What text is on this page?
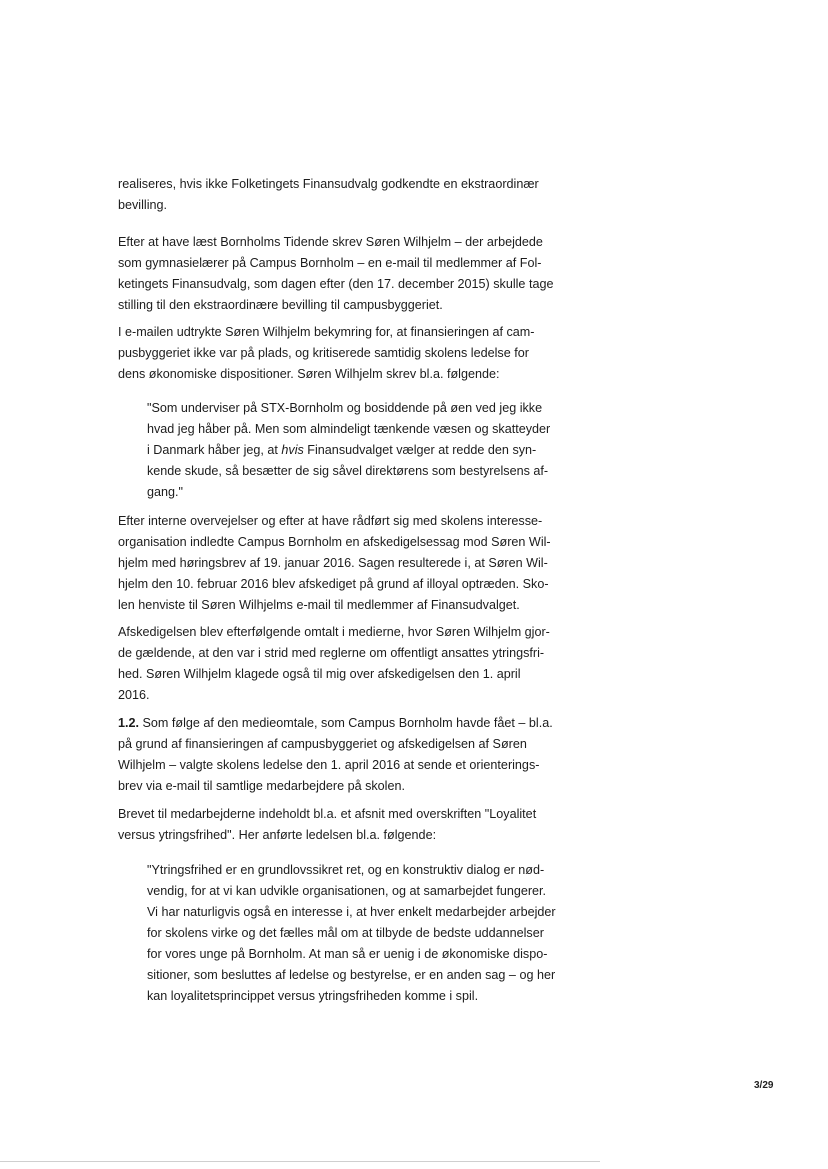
realiseres, hvis ikke Folketingets Finansudvalg godkendte en ekstraordinær
bevilling.

Efter at have læst Bornholms Tidende skrev Søren Wilhjelm – der arbejdede
som gymnasielærer på Campus Bornholm – en e-mail til medlemmer af Fol-
ketingets Finansudvalg, som dagen efter (den 17. december 2015) skulle tage
stilling til den ekstraordinære bevilling til campusbyggeriet.

I e-mailen udtrykte Søren Wilhjelm bekymring for, at finansieringen af cam-
pusbyggeriet ikke var på plads, og kritiserede samtidig skolens ledelse for
dens økonomiske dispositioner. Søren Wilhjelm skrev bl.a. følgende:

"Som underviser på STX-Bornholm og bosiddende på øen ved jeg ikke
hvad jeg håber på. Men som almindeligt tænkende væsen og skatteyder
i Danmark håber jeg, at hvis Finansudvalget vælger at redde den syn-
kende skude, så besætter de sig såvel direktørens som bestyrelsens af-
gang."

Efter interne overvejelser og efter at have rådført sig med skolens interesse-
organisation indledte Campus Bornholm en afskedigelsessag mod Søren Wil-
hjelm med høringsbrev af 19. januar 2016. Sagen resulterede i, at Søren Wil-
hjelm den 10. februar 2016 blev afskediget på grund af illoyal optræden. Sko-
len henviste til Søren Wilhjelms e-mail til medlemmer af Finansudvalget.

Afskedigelsen blev efterfølgende omtalt i medierne, hvor Søren Wilhjelm gjor-
de gældende, at den var i strid med reglerne om offentligt ansattes ytringsfri-
hed. Søren Wilhjelm klagede også til mig over afskedigelsen den 1. april
2016.

1.2. Som følge af den medieomtale, som Campus Bornholm havde fået – bl.a.
på grund af finansieringen af campusbyggeriet og afskedigelsen af Søren
Wilhjelm – valgte skolens ledelse den 1. april 2016 at sende et orienterings-
brev via e-mail til samtlige medarbejdere på skolen.

Brevet til medarbejderne indeholdt bl.a. et afsnit med overskriften "Loyalitet
versus ytringsfrihed". Her anførte ledelsen bl.a. følgende:

"Ytringsfrihed er en grundlovssikret ret, og en konstruktiv dialog er nød-
vendig, for at vi kan udvikle organisationen, og at samarbejdet fungerer.
Vi har naturligvis også en interesse i, at hver enkelt medarbejder arbejder
for skolens virke og det fælles mål om at tilbyde de bedste uddannelser
for vores unge på Bornholm. At man så er uenig i de økonomiske dispo-
sitioner, som besluttes af ledelse og bestyrelse, er en anden sag – og her
kan loyalitetsprincippet versus ytringsfriheden komme i spil.

3/29
